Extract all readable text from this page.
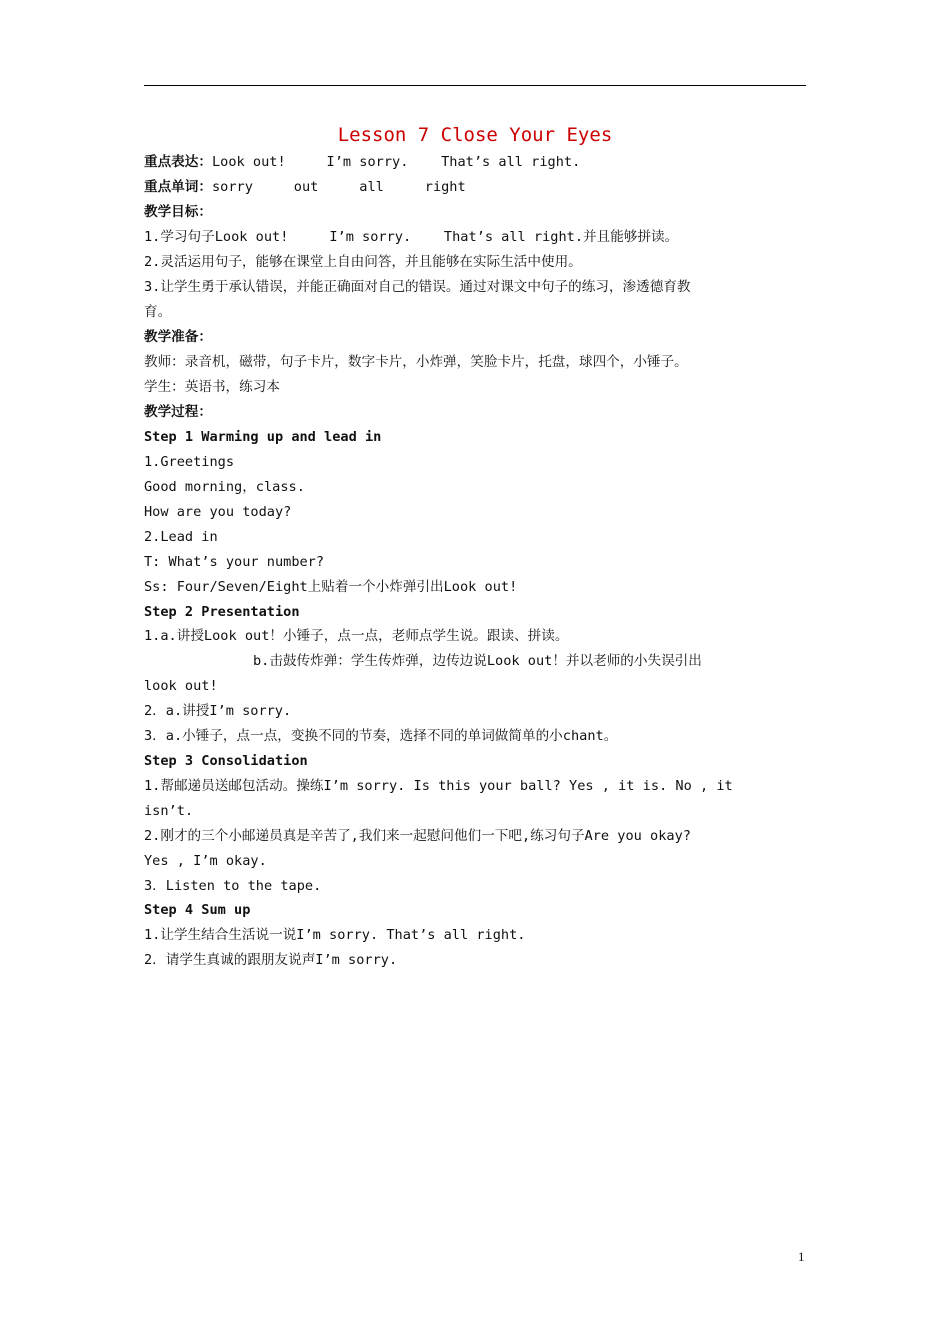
Lesson 7 Close Your Eyes
重点表达：Look out!     I’m sorry.    That’s all right.
重点单词：sorry     out     all     right
教学目标：
1.学习句子Look out!     I’m sorry.    That’s all right.并且能够拼读。
2.灵活运用句子，能够在课堂上自由问答，并且能够在实际生活中使用。
3.让学生勇于承认错误，并能正确面对自己的错误。通过对课文中句子的练习，渗透德育教
育。
教学准备：
教师：录音机，磁带，句子卡片，数字卡片，小炸弹，笑脸卡片，托盘，球四个，小锤子。
学生：英语书，练习本
教学过程：
Step 1 Warming up and lead in
1.Greetings
Good morning，class.
How are you today?
2.Lead in
T: What’s your number?
Ss: Four/Seven/Eight上贴着一个小炸弹引出Look out!
Step 2 Presentation
1.a.讲授Look out！小锤子，点一点，老师点学生说。跟读、拼读。
b.击鼓传炸弹：学生传炸弹，边传边说Look out！并以老师的小失误引出
look out!
2．a.讲授I’m sorry.
3．a.小锤子，点一点，变换不同的节奏，选择不同的单词做简单的小chant。
Step 3 Consolidation
1.帮邮递员送邮包活动。操练I’m sorry. Is this your ball? Yes , it is. No , it
isn’t.
2.刚才的三个小邮递员真是辛苦了,我们来一起慰问他们一下吧,练习句子Are you okay?
Yes , I’m okay.
3．Listen to the tape.
Step 4 Sum up
1.让学生结合生活说一说I’m sorry. That’s all right.
2．请学生真诚的跟朋友说声I’m sorry.
1
